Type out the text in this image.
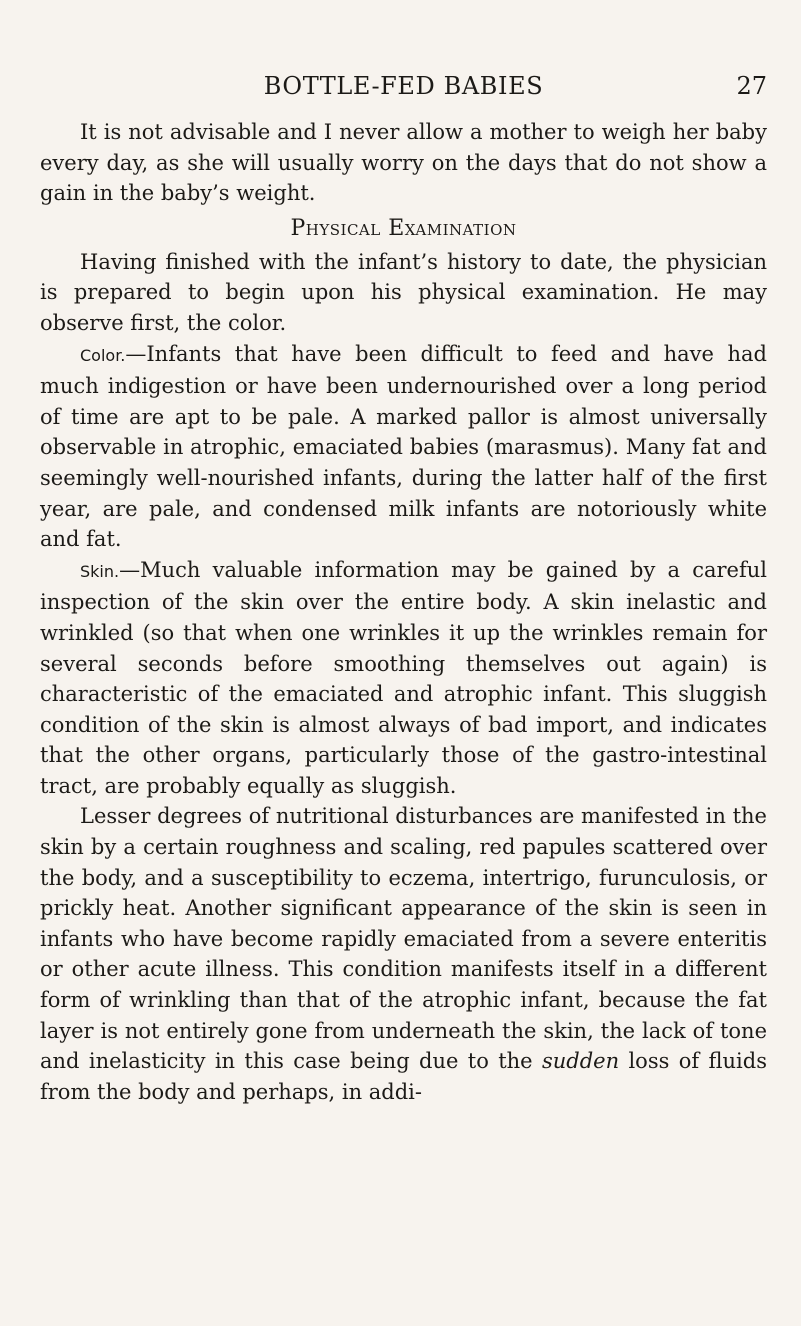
BOTTLE-FED BABIES	27

It is not advisable and I never allow a mother to weigh her baby every day, as she will usually worry on the days that do not show a gain in the baby’s weight.

Physical Examination

Having finished with the infant’s history to date, the physician is prepared to begin upon his physical examination. He may observe first, the color.

Color.—Infants that have been difficult to feed and have had much indigestion or have been undernourished over a long period of time are apt to be pale. A marked pallor is almost universally observable in atrophic, emaciated babies (marasmus). Many fat and seemingly well-nourished infants, during the latter half of the first year, are pale, and condensed milk infants are notoriously white and fat.

Skin.—Much valuable information may be gained by a careful inspection of the skin over the entire body. A skin inelastic and wrinkled (so that when one wrinkles it up the wrinkles remain for several seconds before smoothing themselves out again) is characteristic of the emaciated and atrophic infant. This sluggish condition of the skin is almost always of bad import, and indicates that the other organs, particularly those of the gastro-intestinal tract, are probably equally as sluggish.

Lesser degrees of nutritional disturbances are manifested in the skin by a certain roughness and scaling, red papules scattered over the body, and a susceptibility to eczema, intertrigo, furunculosis, or prickly heat. Another significant appearance of the skin is seen in infants who have become rapidly emaciated from a severe enteritis or other acute illness. This condition manifests itself in a different form of wrinkling than that of the atrophic infant, because the fat layer is not entirely gone from underneath the skin, the lack of tone and inelasticity in this case being due to the sudden loss of fluids from the body and perhaps, in addi-
